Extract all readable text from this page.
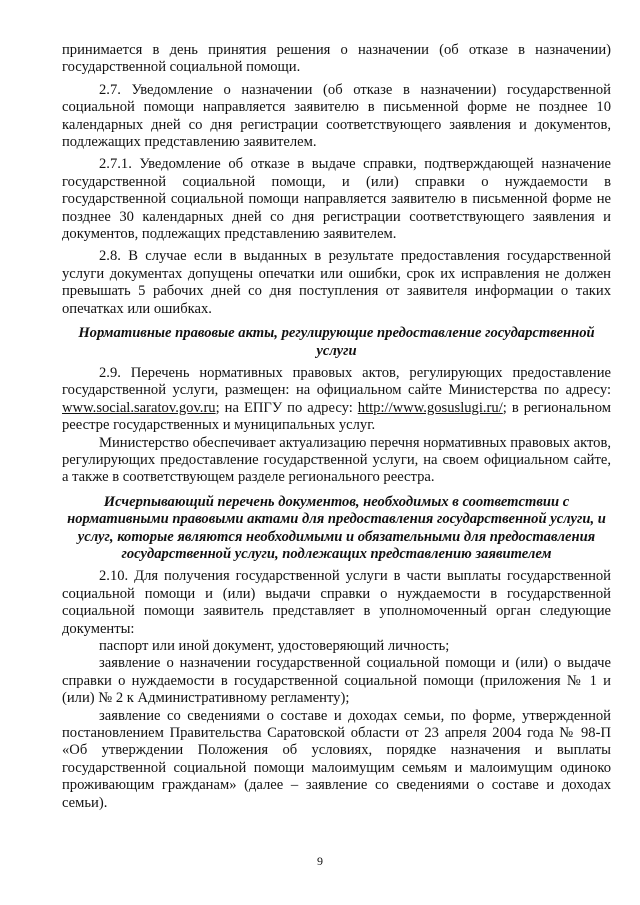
принимается в день принятия решения о назначении (об отказе в назначении) государственной социальной помощи.

2.7. Уведомление о назначении (об отказе в назначении) государственной социальной помощи направляется заявителю в письменной форме не позднее 10 календарных дней со дня регистрации соответствующего заявления и документов, подлежащих представлению заявителем.

2.7.1. Уведомление об отказе в выдаче справки, подтверждающей назначение государственной социальной помощи, и (или) справки о нуждаемости в государственной социальной помощи направляется заявителю в письменной форме не позднее 30 календарных дней со дня регистрации соответствующего заявления и документов, подлежащих представлению заявителем.

2.8. В случае если в выданных в результате предоставления государственной услуги документах допущены опечатки или ошибки, срок их исправления не должен превышать 5 рабочих дней со дня поступления от заявителя информации о таких опечатках или ошибках.

Нормативные правовые акты, регулирующие предоставление государственной услуги

2.9. Перечень нормативных правовых актов, регулирующих предоставление государственной услуги, размещен: на официальном сайте Министерства по адресу: www.social.saratov.gov.ru; на ЕПГУ по адресу: http://www.gosuslugi.ru/; в региональном реестре государственных и муниципальных услуг.

Министерство обеспечивает актуализацию перечня нормативных правовых актов, регулирующих предоставление государственной услуги, на своем официальном сайте, а также в соответствующем разделе регионального реестра.

Исчерпывающий перечень документов, необходимых в соответствии с нормативными правовыми актами для предоставления государственной услуги, и услуг, которые являются необходимыми и обязательными для предоставления государственной услуги, подлежащих представлению заявителем

2.10. Для получения государственной услуги в части выплаты государственной социальной помощи и (или) выдачи справки о нуждаемости в государственной социальной помощи заявитель представляет в уполномоченный орган следующие документы:

паспорт или иной документ, удостоверяющий личность;

заявление о назначении государственной социальной помощи и (или) о выдаче справки о нуждаемости в государственной социальной помощи (приложения № 1 и (или) № 2 к Административному регламенту);

заявление со сведениями о составе и доходах семьи, по форме, утвержденной постановлением Правительства Саратовской области от 23 апреля 2004 года № 98-П «Об утверждении Положения об условиях, порядке назначения и выплаты государственной социальной помощи малоимущим семьям и малоимущим одиноко проживающим гражданам» (далее – заявление со сведениями о составе и доходах семьи).

9
